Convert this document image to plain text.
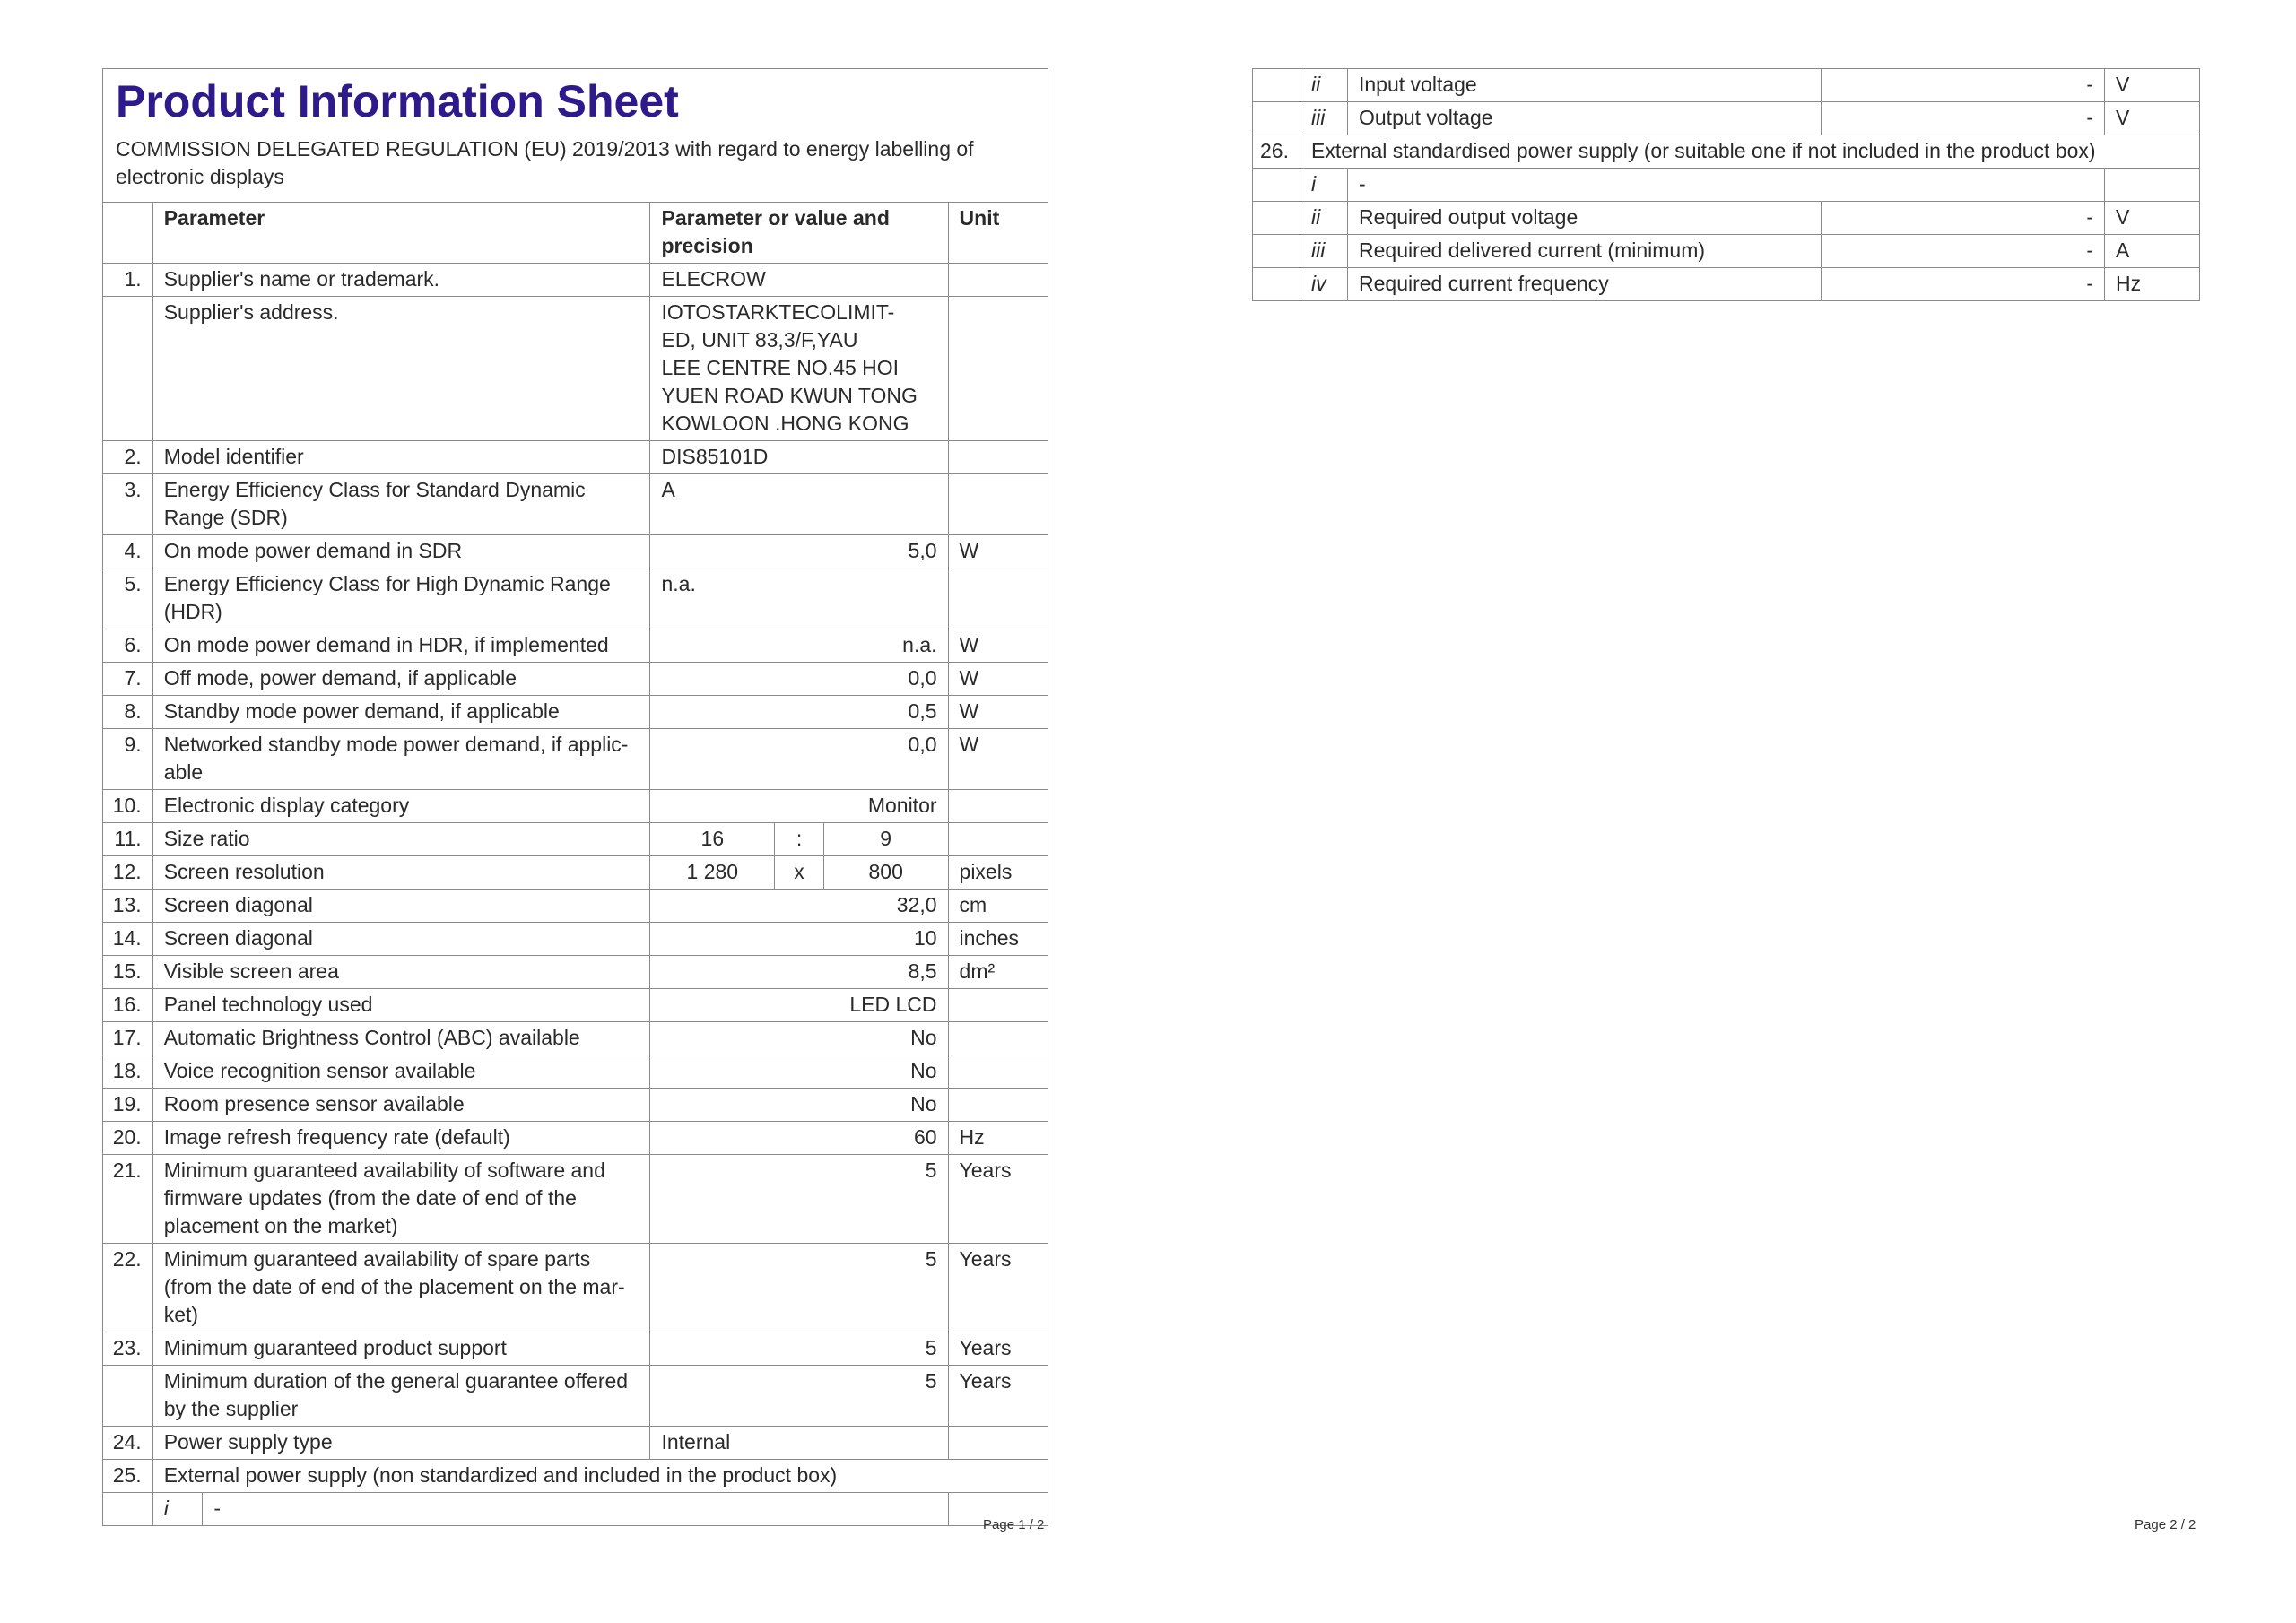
Product Information Sheet
COMMISSION DELEGATED REGULATION (EU) 2019/2013 with regard to energy labelling of electronic displays						

	Parameter		Parameter or value and precision			Unit
1.	Supplier's name or trademark.		ELECROW			
	Supplier's address.		IOTOSTARKTECOLIMIT-
ED, UNIT 83,3/F,YAU
LEE CENTRE NO.45 HOI
YUEN ROAD KWUN TONG
KOWLOON .HONG KONG			
2.	Model identifier		DIS85101D			
3.	Energy Efficiency Class for Standard Dynamic Range (SDR)		A			
4.	On mode power demand in SDR		5,0			W
5.	Energy Efficiency Class for High Dynamic Range (HDR)		n.a.			
6.	On mode power demand in HDR, if implemented		n.a.			W
7.	Off mode, power demand, if applicable		0,0			W
8.	Standby mode power demand, if applicable		0,5			W
9.	Networked standby mode power demand, if applic-
able		0,0			W
10.	Electronic display category		Monitor			
11.	Size ratio		16	:	9	
12.	Screen resolution		1 280	x	800	pixels
13.	Screen diagonal		32,0			cm
14.	Screen diagonal		10			inches
15.	Visible screen area		8,5			dm²
16.	Panel technology used		LED LCD			
17.	Automatic Brightness Control (ABC) available		No			
18.	Voice recognition sensor available		No			
19.	Room presence sensor available		No			
20.	Image refresh frequency rate (default)		60			Hz
21.	Minimum guaranteed availability of software and firmware updates (from the date of end of the placement on the market)		5			Years
22.	Minimum guaranteed availability of spare parts (from the date of end of the placement on the mar-
ket)		5			Years
23.	Minimum guaranteed product support		5			Years
	Minimum duration of the general guarantee offered by the supplier		5			Years
24.	Power supply type		Internal			
25.	External power supply (non standardized and included in the product box)					
	i	-				
Page 1 / 2
	ii	Input voltage	-	V
	iii	Output voltage	-	V
26.	External standardised power supply (or suitable one if not included in the product box)			
	i	-		
	ii	Required output voltage	-	V
	iii	Required delivered current (minimum)	-	A
	iv	Required current frequency	-	Hz
Page 2 / 2
